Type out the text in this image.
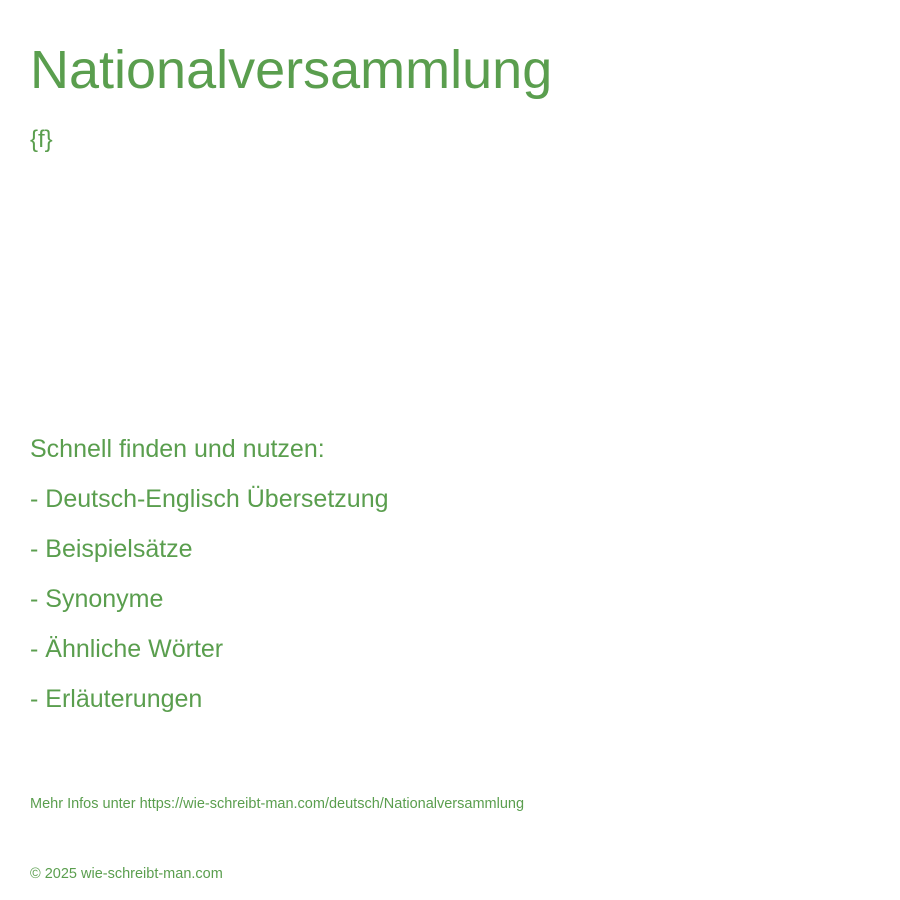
Nationalversammlung
{f}
Schnell finden und nutzen:
- Deutsch-Englisch Übersetzung
- Beispielsätze
- Synonyme
- Ähnliche Wörter
- Erläuterungen
Mehr Infos unter https://wie-schreibt-man.com/deutsch/Nationalversammlung
© 2025 wie-schreibt-man.com
